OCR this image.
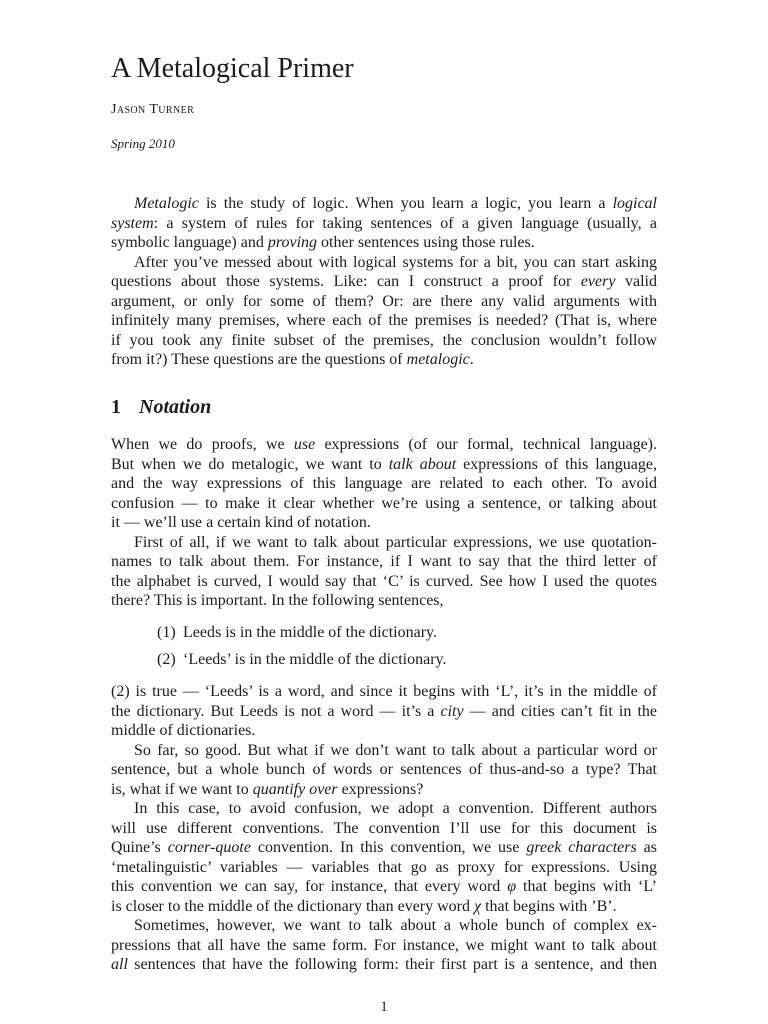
A Metalogical Primer
Jason Turner
Spring 2010
Metalogic is the study of logic. When you learn a logic, you learn a logical
system: a system of rules for taking sentences of a given language (usually, a
symbolic language) and proving other sentences using those rules.
After you’ve messed about with logical systems for a bit, you can start asking
questions about those systems. Like: can I construct a proof for every valid
argument, or only for some of them? Or: are there any valid arguments with
infinitely many premises, where each of the premises is needed? (That is, where
if you took any finite subset of the premises, the conclusion wouldn’t follow
from it?) These questions are the questions of metalogic.
1 Notation
When we do proofs, we use expressions (of our formal, technical language).
But when we do metalogic, we want to talk about expressions of this language,
and the way expressions of this language are related to each other. To avoid
confusion — to make it clear whether we’re using a sentence, or talking about
it — we’ll use a certain kind of notation.
First of all, if we want to talk about particular expressions, we use quotation-
names to talk about them. For instance, if I want to say that the third letter of
the alphabet is curved, I would say that ‘C’ is curved. See how I used the quotes
there? This is important. In the following sentences,
(1) Leeds is in the middle of the dictionary.
(2) ‘Leeds’ is in the middle of the dictionary.
(2) is true — ‘Leeds’ is a word, and since it begins with ‘L’, it’s in the middle of
the dictionary. But Leeds is not a word — it’s a city — and cities can’t fit in the
middle of dictionaries.
So far, so good. But what if we don’t want to talk about a particular word or
sentence, but a whole bunch of words or sentences of thus-and-so a type? That
is, what if we want to quantify over expressions?
In this case, to avoid confusion, we adopt a convention. Different authors
will use different conventions. The convention I’ll use for this document is
Quine’s corner-quote convention. In this convention, we use greek characters as
‘metalinguistic’ variables — variables that go as proxy for expressions. Using
this convention we can say, for instance, that every word φ that begins with ‘L’
is closer to the middle of the dictionary than every word χ that begins with ’B’.
Sometimes, however, we want to talk about a whole bunch of complex ex-
pressions that all have the same form. For instance, we might want to talk about
all sentences that have the following form: their first part is a sentence, and then
1
